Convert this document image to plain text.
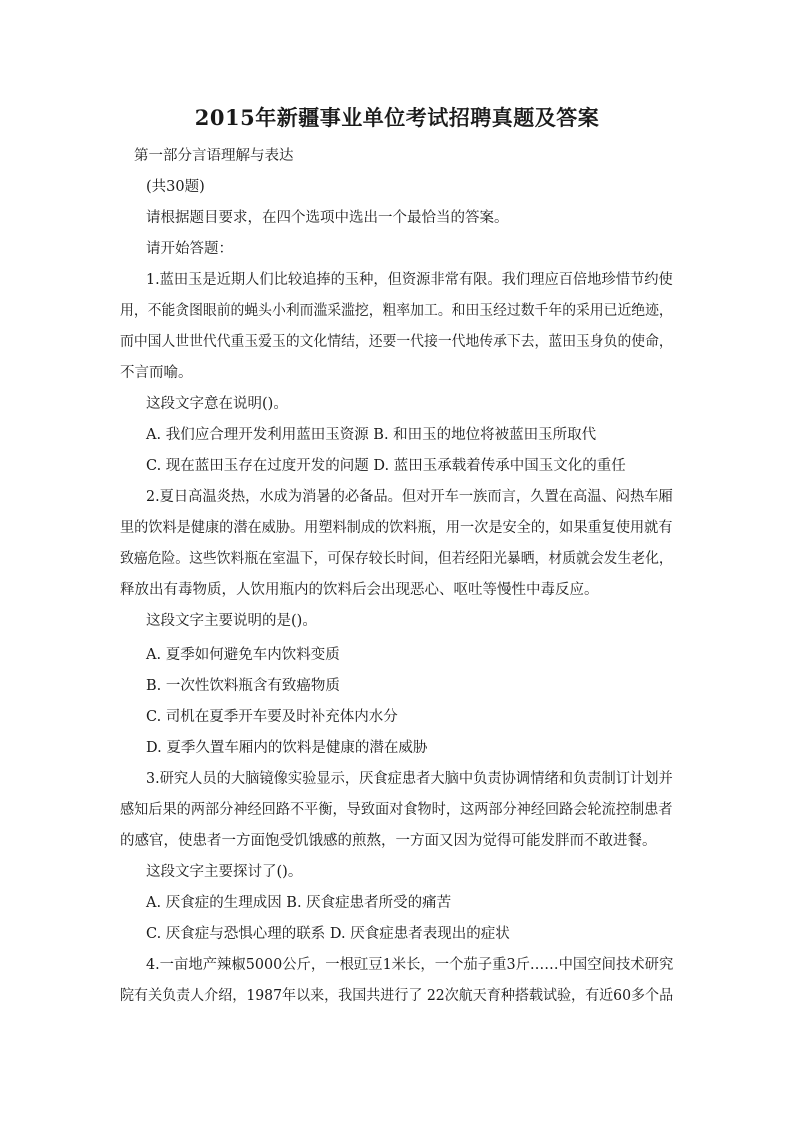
2015年新疆事业单位考试招聘真题及答案
第一部分言语理解与表达
(共30题)
请根据题目要求，在四个选项中选出一个最恰当的答案。
请开始答题：
1.蓝田玉是近期人们比较追捧的玉种，但资源非常有限。我们理应百倍地珍惜节约使
用，不能贪图眼前的蝇头小利而滥采滥挖，粗率加工。和田玉经过数千年的采用已近绝迹，
而中国人世世代代重玉爱玉的文化情结，还要一代接一代地传承下去，蓝田玉身负的使命，
不言而喻。
这段文字意在说明()。
A. 我们应合理开发利用蓝田玉资源 B. 和田玉的地位将被蓝田玉所取代
C. 现在蓝田玉存在过度开发的问题 D. 蓝田玉承载着传承中国玉文化的重任
2.夏日高温炎热，水成为消暑的必备品。但对开车一族而言，久置在高温、闷热车厢
里的饮料是健康的潜在威胁。用塑料制成的饮料瓶，用一次是安全的，如果重复使用就有
致癌危险。这些饮料瓶在室温下，可保存较长时间，但若经阳光暴晒，材质就会发生老化，
释放出有毒物质，人饮用瓶内的饮料后会出现恶心、呕吐等慢性中毒反应。
这段文字主要说明的是()。
A. 夏季如何避免车内饮料变质
B. 一次性饮料瓶含有致癌物质
C. 司机在夏季开车要及时补充体内水分
D. 夏季久置车厢内的饮料是健康的潜在威胁
3.研究人员的大脑镜像实验显示，厌食症患者大脑中负责协调情绪和负责制订计划并
感知后果的两部分神经回路不平衡，导致面对食物时，这两部分神经回路会轮流控制患者
的感官，使患者一方面饱受饥饿感的煎熬，一方面又因为觉得可能发胖而不敢进餐。
这段文字主要探讨了()。
A. 厌食症的生理成因 B. 厌食症患者所受的痛苦
C. 厌食症与恐惧心理的联系 D. 厌食症患者表现出的症状
4.一亩地产辣椒5000公斤，一根豇豆1米长，一个茄子重3斤……中国空间技术研究
院有关负责人介绍，1987年以来，我国共进行了 22次航天育种搭载试验，有近60多个品
